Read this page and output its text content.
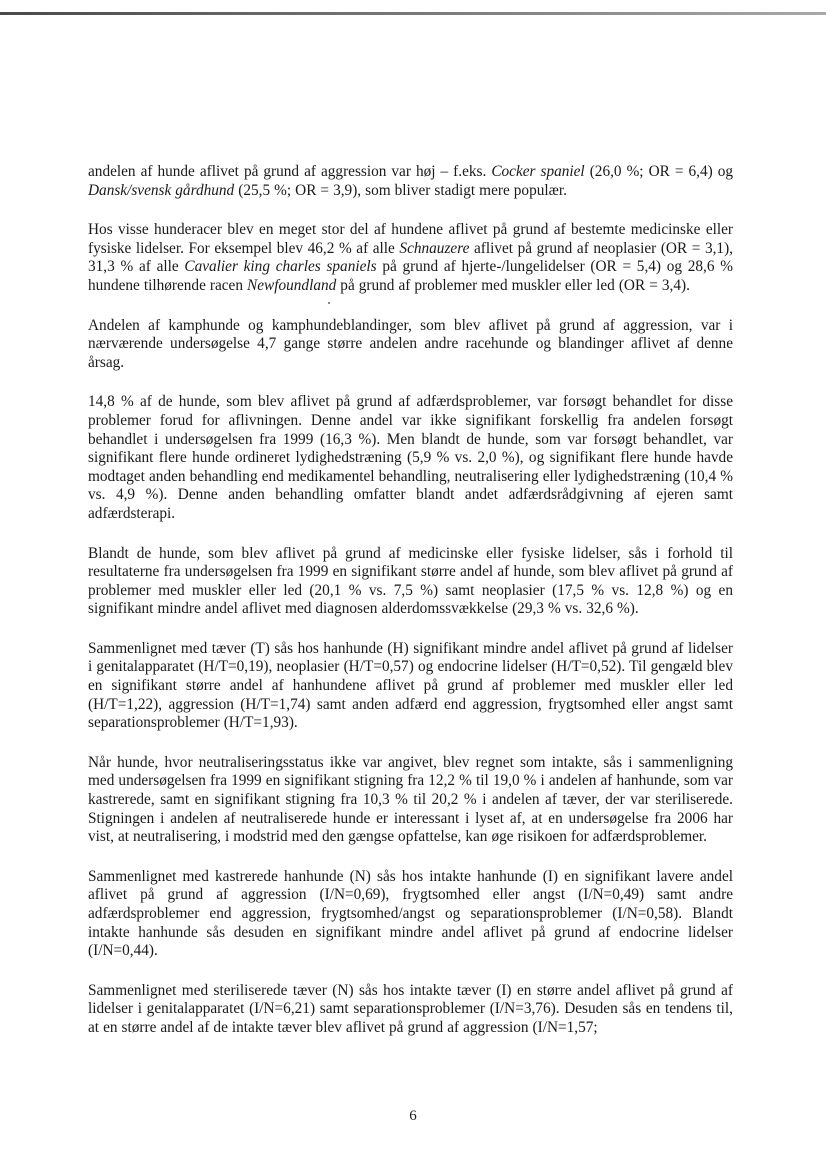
andelen af hunde aflivet på grund af aggression var høj – f.eks. Cocker spaniel (26,0 %; OR = 6,4) og Dansk/svensk gårdhund (25,5 %; OR = 3,9), som bliver stadigt mere populær.

Hos visse hunderacer blev en meget stor del af hundene aflivet på grund af bestemte medicinske eller fysiske lidelser. For eksempel blev 46,2 % af alle Schnauzere aflivet på grund af neoplasier (OR = 3,1), 31,3 % af alle Cavalier king charles spaniels på grund af hjerte-/lungelidelser (OR = 5,4) og 28,6 % hundene tilhørende racen Newfoundland på grund af problemer med muskler eller led (OR = 3,4).

Andelen af kamphunde og kamphundeblandinger, som blev aflivet på grund af aggression, var i nærværende undersøgelse 4,7 gange større andelen andre racehunde og blandinger aflivet af denne årsag.

14,8 % af de hunde, som blev aflivet på grund af adfærdsproblemer, var forsøgt behandlet for disse problemer forud for aflivningen. Denne andel var ikke signifikant forskellig fra andelen forsøgt behandlet i undersøgelsen fra 1999 (16,3 %). Men blandt de hunde, som var forsøgt behandlet, var signifikant flere hunde ordineret lydighedstræning (5,9 % vs. 2,0 %), og signifikant flere hunde havde modtaget anden behandling end medikamentel behandling, neutralisering eller lydighedstræning (10,4 % vs. 4,9 %). Denne anden behandling omfatter blandt andet adfærdsrådgivning af ejeren samt adfærdsterapi.

Blandt de hunde, som blev aflivet på grund af medicinske eller fysiske lidelser, sås i forhold til resultaterne fra undersøgelsen fra 1999 en signifikant større andel af hunde, som blev aflivet på grund af problemer med muskler eller led (20,1 % vs. 7,5 %) samt neoplasier (17,5 % vs. 12,8 %) og en signifikant mindre andel aflivet med diagnosen alderdomssvækkelse (29,3 % vs. 32,6 %).

Sammenlignet med tæver (T) sås hos hanhunde (H) signifikant mindre andel aflivet på grund af lidelser i genitalapparatet (H/T=0,19), neoplasier (H/T=0,57) og endocrine lidelser (H/T=0,52). Til gengæld blev en signifikant større andel af hanhundene aflivet på grund af problemer med muskler eller led (H/T=1,22), aggression (H/T=1,74) samt anden adfærd end aggression, frygtsomhed eller angst samt separationsproblemer (H/T=1,93).

Når hunde, hvor neutraliseringsstatus ikke var angivet, blev regnet som intakte, sås i sammenligning med undersøgelsen fra 1999 en signifikant stigning fra 12,2 % til 19,0 % i andelen af hanhunde, som var kastrerede, samt en signifikant stigning fra 10,3 % til 20,2 % i andelen af tæver, der var steriliserede. Stigningen i andelen af neutraliserede hunde er interessant i lyset af, at en undersøgelse fra 2006 har vist, at neutralisering, i modstrid med den gængse opfattelse, kan øge risikoen for adfærdsproblemer.

Sammenlignet med kastrerede hanhunde (N) sås hos intakte hanhunde (I) en signifikant lavere andel aflivet på grund af aggression (I/N=0,69), frygtsomhed eller angst (I/N=0,49) samt andre adfærdsproblemer end aggression, frygtsomhed/angst og separationsproblemer (I/N=0,58). Blandt intakte hanhunde sås desuden en signifikant mindre andel aflivet på grund af endocrine lidelser (I/N=0,44).

Sammenlignet med steriliserede tæver (N) sås hos intakte tæver (I) en større andel aflivet på grund af lidelser i genitalapparatet (I/N=6,21) samt separationsproblemer (I/N=3,76). Desuden sås en tendens til, at en større andel af de intakte tæver blev aflivet på grund af aggression (I/N=1,57;

6
